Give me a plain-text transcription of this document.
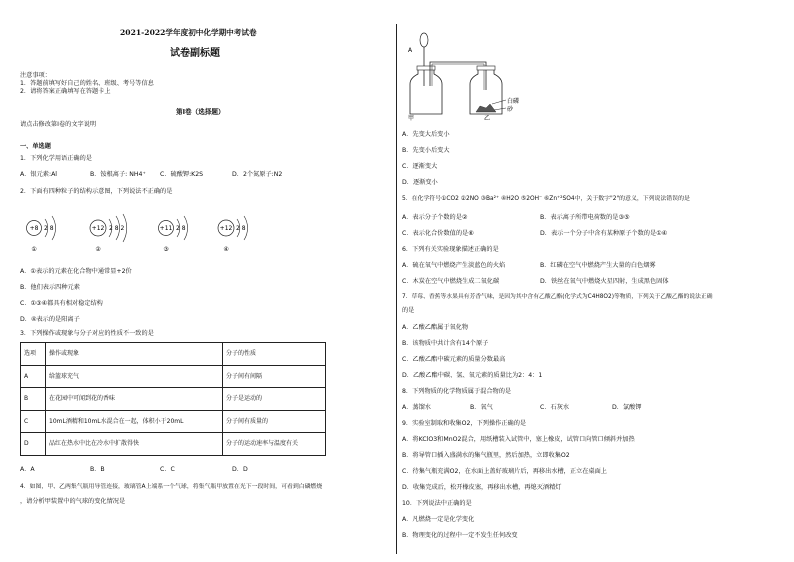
2021-2022学年度初中化学期中考试卷
试卷副标题
注意事项：
1．答题前填写好自己的姓名、班级、考号等信息
2．请将答案正确填写在答题卡上
第I卷（选择题）
请点击修改第I卷的文字说明
一、单选题
1．下列化学用语正确的是
A．银元素:Al	B．铵根离子: NH4⁺ C．硫酸钾:K2S	D．2个氮原子:N2
2．下面有四种粒子的结构示意图，下列说法不正确的是
+8 2 8
①
+12 2 8 2
②
+11 2 8
③
+12 2 8
④
A．①表示的元素在化合物中通常显+2价
B．他们表示四种元素
C．①③④都具有相对稳定结构
D．④表示的是阳离子
3．下列操作或现象与分子对应的性质不一致的是
选项	操作或现象	分子的性质
A	给篮球充气	分子间有间隔
B	在花园中可闻到花的香味	分子是运动的
C	10mL酒精和10mL水混合在一起，体积小于20mL	分子间有质量的
D	品红在热水中比在冷水中扩散得快	分子的运动速率与温度有关
A．A	B．B	C．C	D．D
4．如图，甲、乙两集气瓶用导管连接，玻璃管A上端系一个气球，将集气瓶甲放置在光下一段时间，可看到白磷燃烧
，请分析甲装置中的气球的变化情况是
A
白磷
砂
甲	乙
A．先变大后变小
B．先变小后变大
C．逐渐变大
D．逐渐变小
5．在化学符号①CO2 ②2NO ③Ba²⁺ ④H2O ⑤2OH⁻ ⑥Zn⁺²SO4中，关于数字"2"的意义，下列说法错误的是
A．表示分子个数的是②	B．表示离子所带电荷数的是③⑤
C．表示化合价数值的是⑥	D．表示一个分子中含有某种原子个数的是①④
6．下列有关实验现象描述正确的是
A．硫在氧气中燃烧产生淡蓝色的火焰	B．红磷在空气中燃烧产生大量的白色烟雾
C．木炭在空气中燃烧生成二氧化碳	D．铁丝在氧气中燃烧火星四射，生成黑色固体
7．草莓、香蕉等水果具有芳香气味，是因为其中含有乙酸乙酯(化学式为C4H8O2)等物质，下列关于乙酸乙酯的说法正确
的是
A．乙酸乙酯属于氧化物
B．该物质中共计含有14个原子
C．乙酸乙酯中碳元素的质量分数最高
D．乙酸乙酯中碳、氢、氧元素的质量比为2：4：1
8．下列物质的化学物质属于混合物的是
A．蒸馏水	B．氧气	C．石灰水	D．氯酸钾
9．实验室制取和收集O2，下列操作正确的是
A．将KClO3和MnO2混合，用纸槽装入试管中，塞上橡皮，试管口向管口倾斜并加热
B．将导管口插入盛满水的集气瓶里，然后加热，立即收集O2
C．待集气瓶充满O2，在水面上盖好玻璃片后，再移出水槽，正立在桌面上
D．收集完成后，松开橡皮塞，再移出水槽，再熄灭酒精灯
10．下列说法中正确的是
A．凡燃烧一定是化学变化
B．物理变化的过程中一定不发生任何改变
